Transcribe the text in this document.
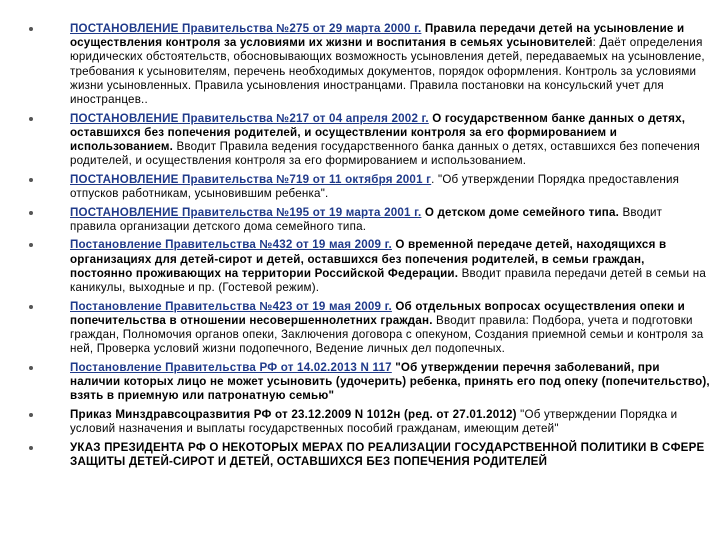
ПОСТАНОВЛЕНИЕ Правительства №275 от 29 марта 2000 г. Правила передачи детей на усыновление и осуществления контроля за условиями их жизни и воспитания в семьях усыновителей: Даёт определения юридических обстоятельств, обосновывающих возможность усыновления детей, передаваемых на усыновление, требования к усыновителям, перечень необходимых документов, порядок оформления. Контроль за условиями жизни усыновленных. Правила усыновления иностранцами. Правила постановки на консульский учет для иностранцев..
ПОСТАНОВЛЕНИЕ Правительства №217 от 04 апреля 2002 г. О государственном банке данных о детях, оставшихся без попечения родителей, и осуществлении контроля за его формированием и использованием. Вводит Правила ведения государственного банка данных о детях, оставшихся без попечения родителей, и осуществления контроля за его формированием и использованием.
ПОСТАНОВЛЕНИЕ Правительства №719 от 11 октября 2001 г. "Об утверждении Порядка предоставления отпусков работникам, усыновившим ребенка".
ПОСТАНОВЛЕНИЕ Правительства №195 от 19 марта 2001 г. О детском доме семейного типа. Вводит правила организации детского дома семейного типа.
Постановление Правительства №432 от 19 мая 2009 г. О временной передаче детей, находящихся в организациях для детей-сирот и детей, оставшихся без попечения родителей, в семьи граждан, постоянно проживающих на территории Российской Федерации. Вводит правила передачи детей в семьи на каникулы, выходные и пр. (Гостевой режим).
Постановление Правительства №423 от 19 мая 2009 г. Об отдельных вопросах осуществления опеки и попечительства в отношении несовершеннолетних граждан. Вводит правила: Подбора, учета и подготовки граждан, Полномочия органов опеки, Заключения договора с опекуном, Создания приемной семьи и контроля за ней, Проверка условий жизни подопечного, Ведение личных дел подопечных.
Постановление Правительства РФ от 14.02.2013 N 117 "Об утверждении перечня заболеваний, при наличии которых лицо не может усыновить (удочерить) ребенка, принять его под опеку (попечительство), взять в приемную или патронатную семью"
Приказ Минздравсоцразвития РФ от 23.12.2009 N 1012н (ред. от 27.01.2012) "Об утверждении Порядка и условий назначения и выплаты государственных пособий гражданам, имеющим детей"
УКАЗ ПРЕЗИДЕНТА РФ О НЕКОТОРЫХ МЕРАХ ПО РЕАЛИЗАЦИИ ГОСУДАРСТВЕННОЙ ПОЛИТИКИ В СФЕРЕ ЗАЩИТЫ ДЕТЕЙ-СИРОТ И ДЕТЕЙ, ОСТАВШИХСЯ БЕЗ ПОПЕЧЕНИЯ РОДИТЕЛЕЙ
